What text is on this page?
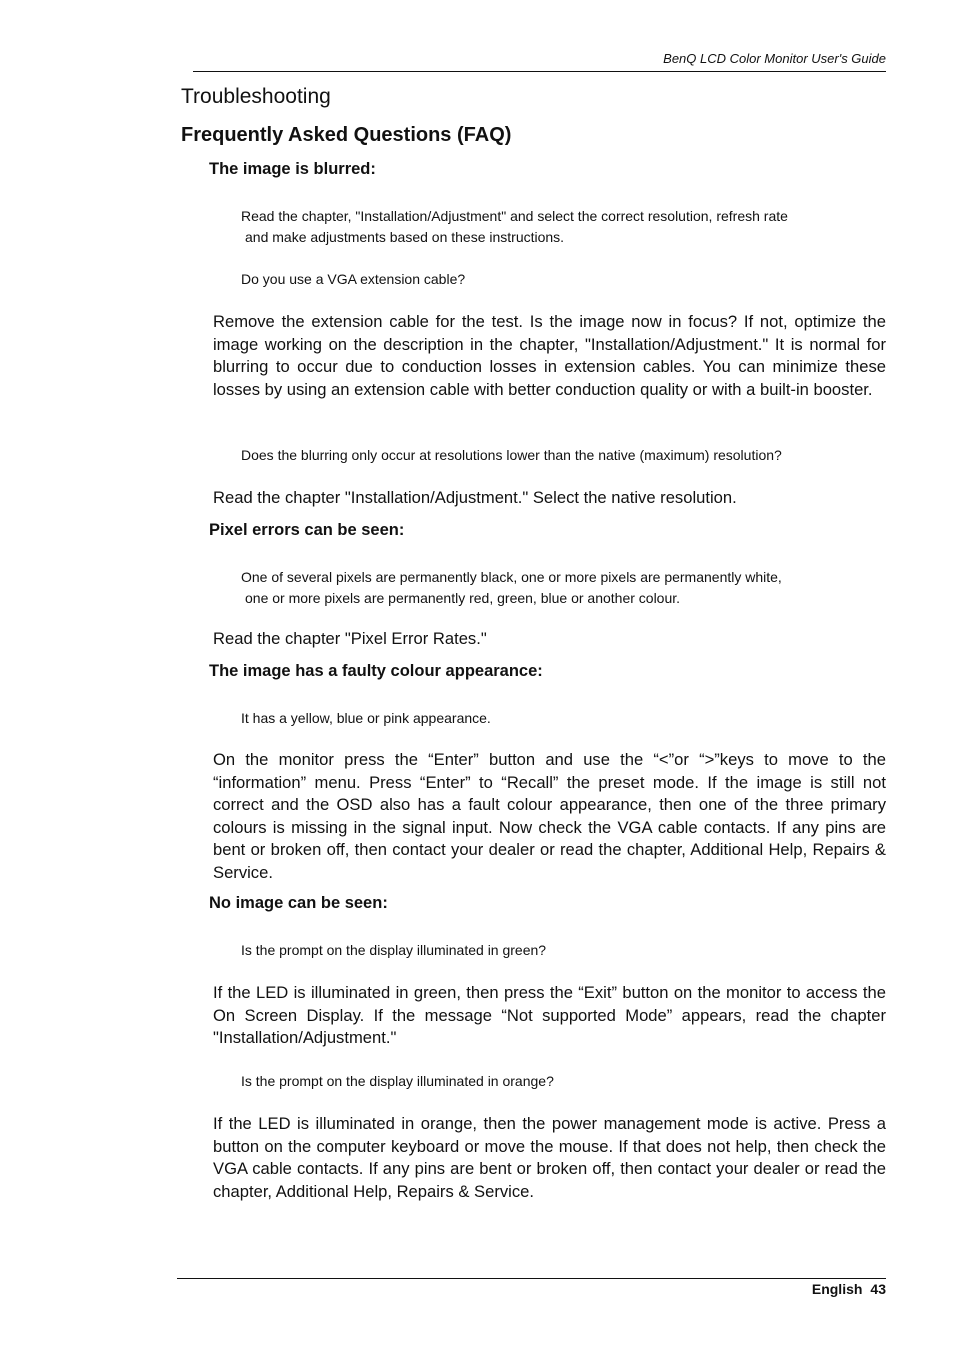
BenQ LCD Color Monitor User's Guide
Troubleshooting
Frequently Asked Questions (FAQ)
The image is blurred:
Read the chapter, "Installation/Adjustment" and select the correct resolution, refresh rate
and make adjustments based on these instructions.
Do you use a VGA extension cable?
Remove the extension cable for the test. Is the image now in focus? If not, optimize the image working on the description in the chapter, "Installation/Adjustment." It is normal for blurring to occur due to conduction losses in extension cables. You can minimize these losses by using an extension cable with better conduction quality or with a built-in booster.
Does the blurring only occur at resolutions lower than the native (maximum) resolution?
Read the chapter "Installation/Adjustment." Select the native resolution.
Pixel errors can be seen:
One of several pixels are permanently black, one or more pixels are permanently white,
one or more pixels are permanently red, green, blue or another colour.
Read the chapter "Pixel Error Rates."
The image has a faulty colour appearance:
It has a yellow, blue or pink appearance.
On the monitor press the “Enter” button and use the “<”or “>”keys to move to the “information” menu. Press “Enter” to “Recall” the preset mode. If the image is still not correct and the OSD also has a fault colour appearance, then one of the three primary colours is missing in the signal input. Now check the VGA cable contacts. If any pins are bent or broken off, then contact your dealer or read the chapter, Additional Help, Repairs & Service.
No image can be seen:
Is the prompt on the display illuminated in green?
If the LED is illuminated in green, then press the “Exit” button on the monitor to access the On Screen Display. If the message “Not supported Mode” appears, read the chapter "Installation/Adjustment."
Is the prompt on the display illuminated in orange?
If the LED is illuminated in orange, then the power management mode is active. Press a button on the computer keyboard or move the mouse. If that does not help, then check the VGA cable contacts. If any pins are bent or broken off, then contact your dealer or read the chapter, Additional Help, Repairs & Service.
English 43
